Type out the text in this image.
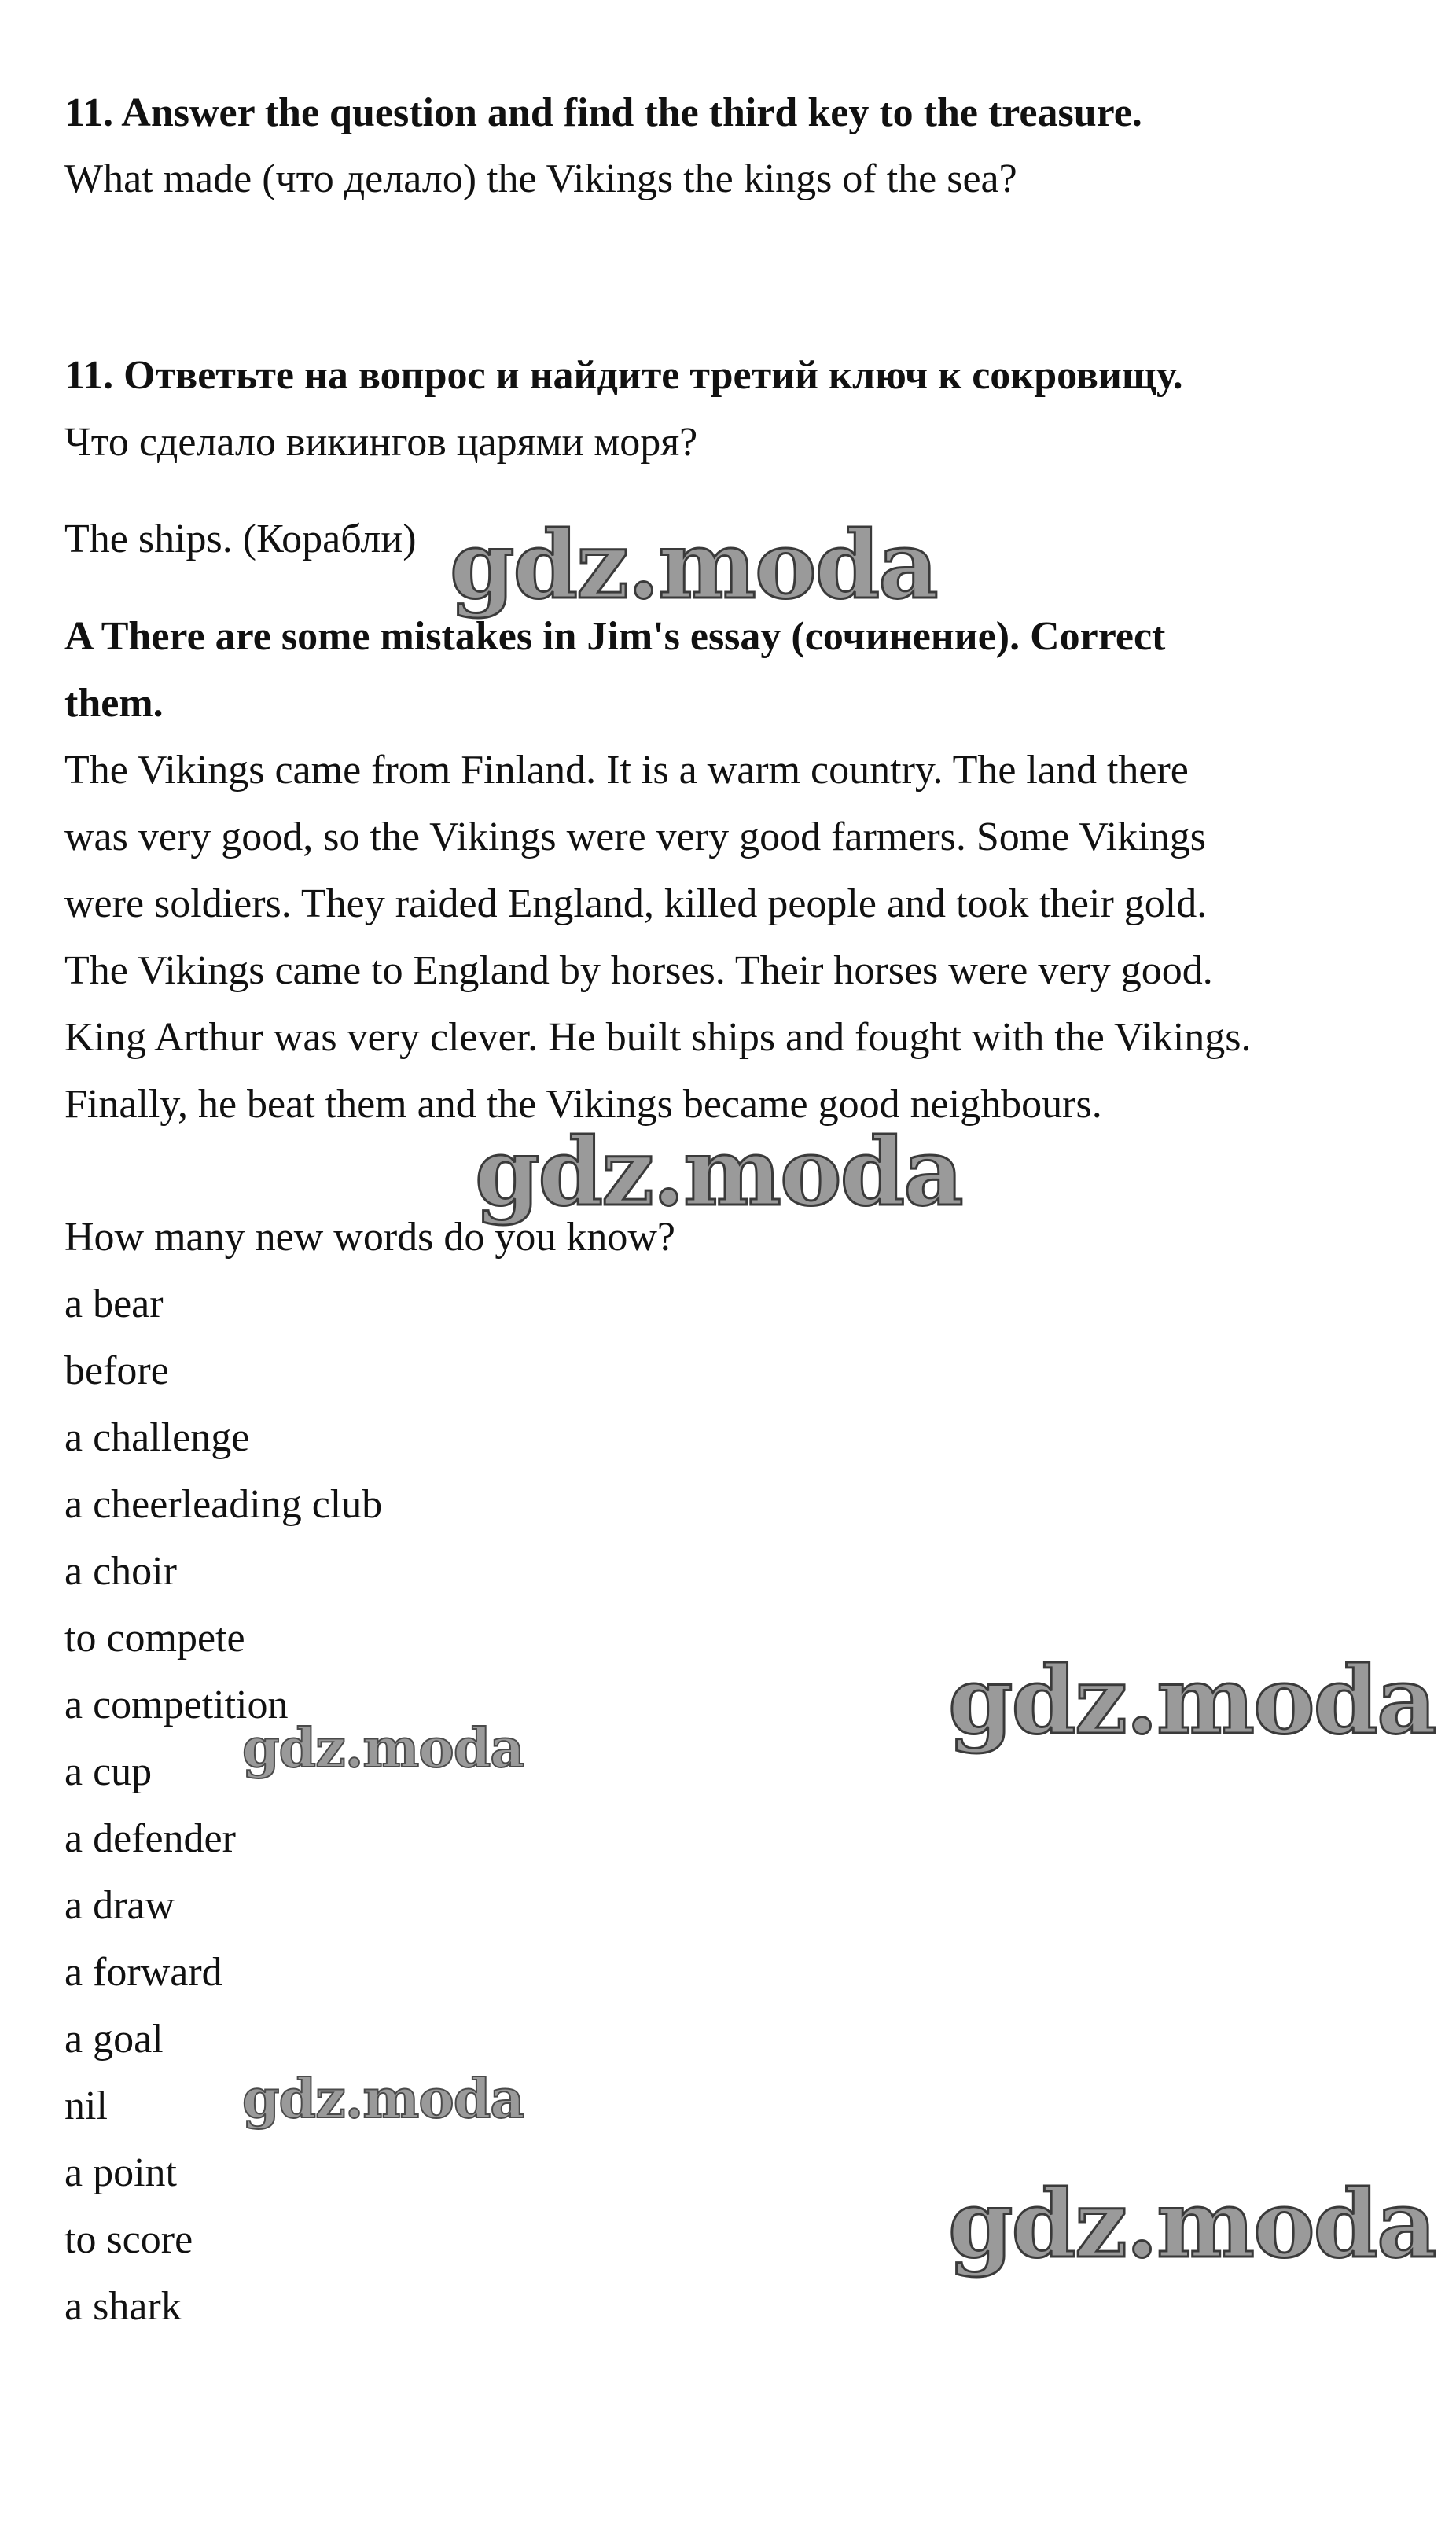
11. Answer the question and find the third key to the treasure.

What made (что делало) the Vikings the kings of the sea?

11. Ответьте на вопрос и найдите третий ключ к сокровищу.

Что сделало викингов царями моря?

The ships. (Корабли)

A There are some mistakes in Jim's essay (сочинение). Correct

them.

The Vikings came from Finland. It is a warm country. The land there

was very good, so the Vikings were very good farmers. Some Vikings

were soldiers. They raided England, killed people and took their gold.

The Vikings came to England by horses. Their horses were very good.

King Arthur was very clever. He built ships and fought with the Vikings.

Finally, he beat them and the Vikings became good neighbours.

How many new words do you know?

a bear

before

a challenge

a cheerleading club

a choir

to compete

a competition

a cup

a defender

a draw

a forward

a goal

nil

a point

to score

a shark

gdz.moda
gdz.moda
gdz.moda
gdz.moda
gdz.moda
gdz.moda
